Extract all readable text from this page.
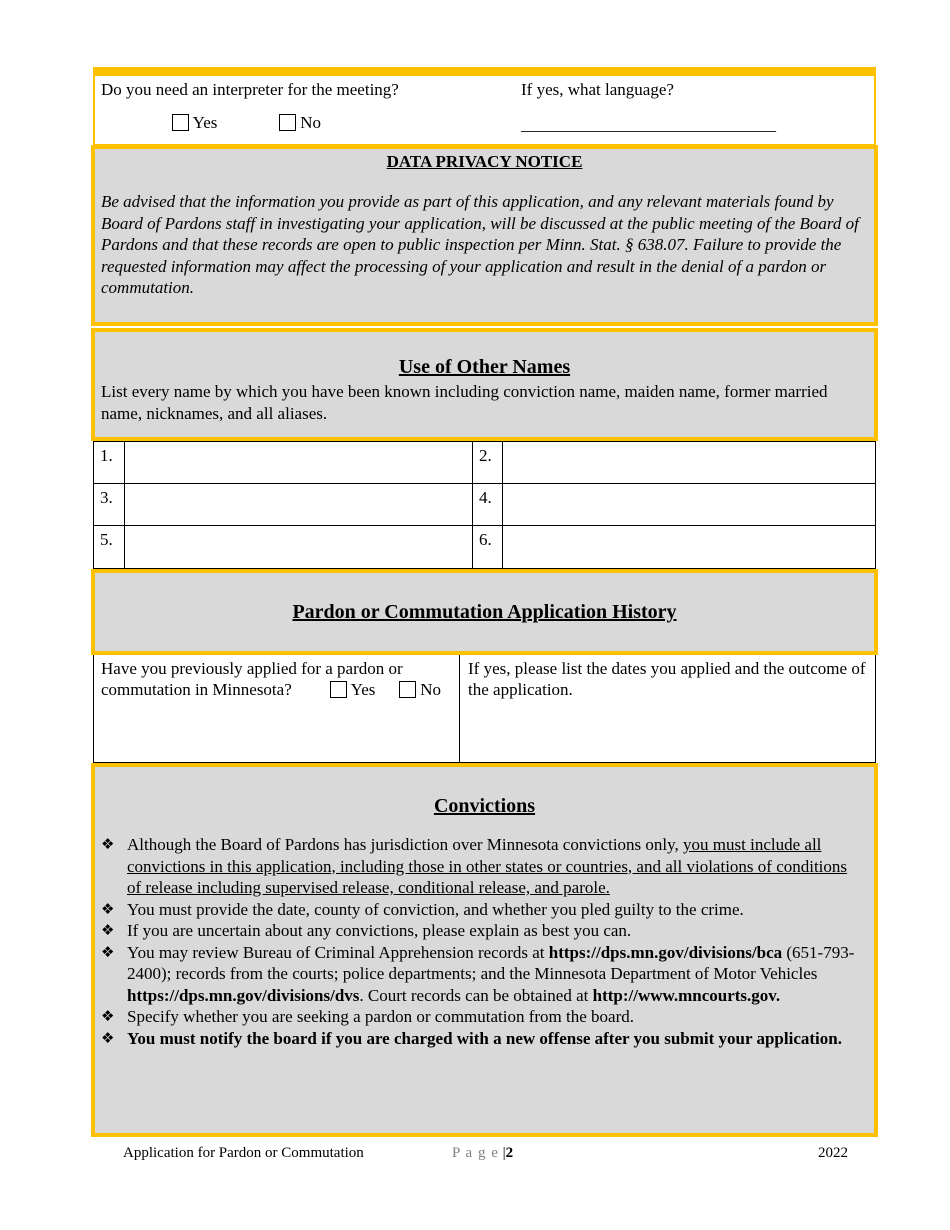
Do you need an interpreter for the meeting?
Yes	No
If yes, what language?
______________________________
DATA PRIVACY NOTICE
Be advised that the information you provide as part of this application, and any relevant materials found by Board of Pardons staff in investigating your application, will be discussed at the public meeting of the Board of Pardons and that these records are open to public inspection per Minn. Stat. § 638.07. Failure to provide the requested information may affect the processing of your application and result in the denial of a pardon or commutation.
Use of Other Names
List every name by which you have been known including conviction name, maiden name, former married name, nicknames, and all aliases.
1.	2.
3.	4.
5.	6.
Pardon or Commutation Application History
Have you previously applied for a pardon or
commutation in Minnesota?	Yes	No
If yes, please list the dates you applied and the outcome of the application.
Convictions
❖ Although the Board of Pardons has jurisdiction over Minnesota convictions only, you must include all convictions in this application, including those in other states or countries, and all violations of conditions of release including supervised release, conditional release, and parole.
❖ You must provide the date, county of conviction, and whether you pled guilty to the crime.
❖ If you are uncertain about any convictions, please explain as best you can.
❖ You may review Bureau of Criminal Apprehension records at https://dps.mn.gov/divisions/bca (651-793-2400); records from the courts; police departments; and the Minnesota Department of Motor Vehicles https://dps.mn.gov/divisions/dvs. Court records can be obtained at http://www.mncourts.gov.
❖ Specify whether you are seeking a pardon or commutation from the board.
❖ You must notify the board if you are charged with a new offense after you submit your application.
Application for Pardon or Commutation	P a g e |2	2022
